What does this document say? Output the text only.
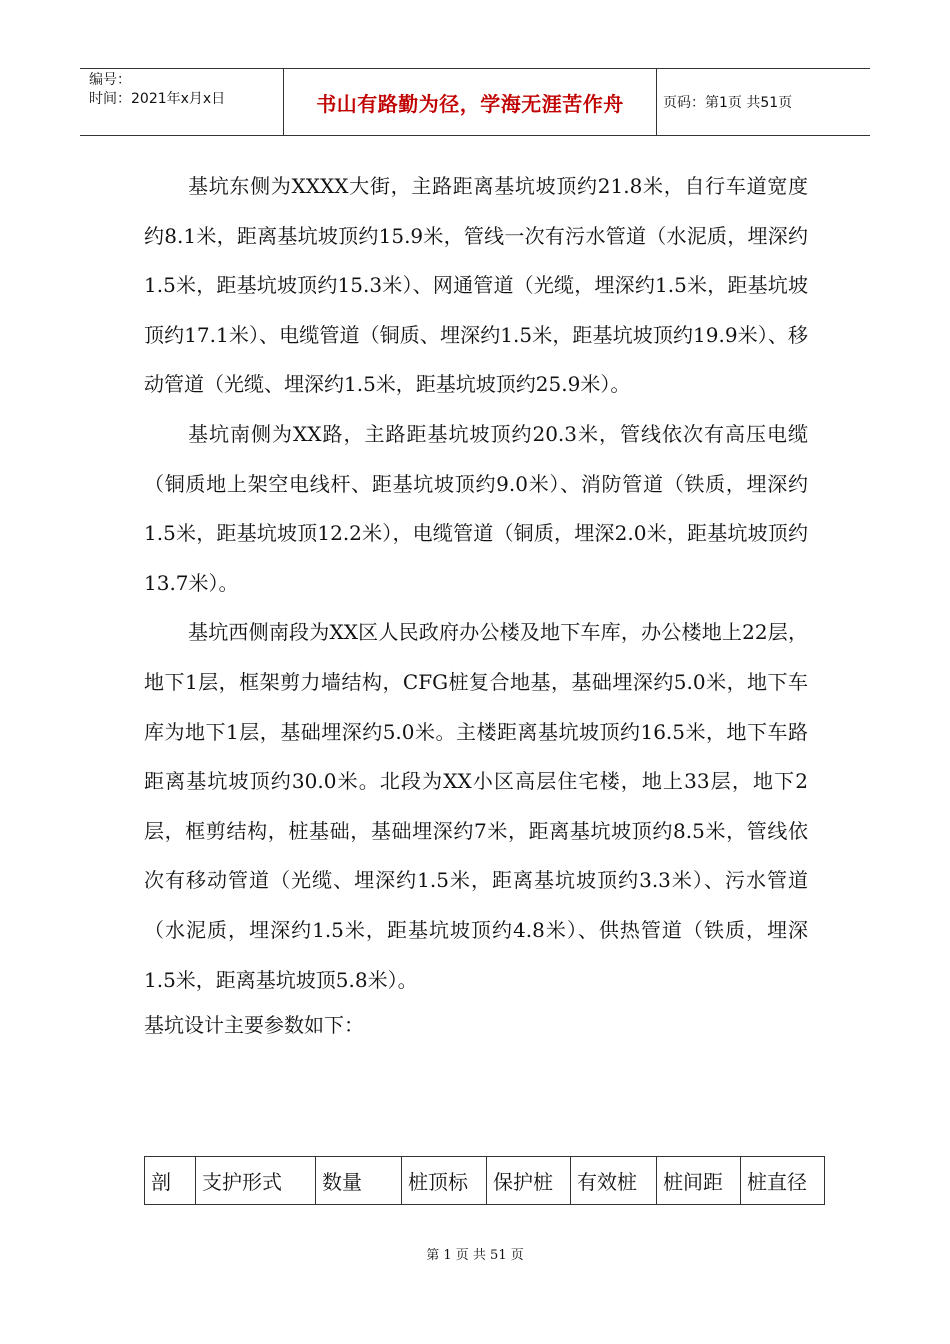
编号：
时间：2021年x月x日	书山有路勤为径，学海无涯苦作舟	页码：第1页 共51页

基坑东侧为XXXX大街，主路距离基坑坡顶约21.8米，自行车道宽度约8.1米，距离基坑坡顶约15.9米，管线一次有污水管道（水泥质，埋深约1.5米，距基坑坡顶约15.3米）、网通管道（光缆，埋深约1.5米，距基坑坡顶约17.1米）、电缆管道（铜质、埋深约1.5米，距基坑坡顶约19.9米）、移动管道（光缆、埋深约1.5米，距基坑坡顶约25.9米）。

基坑南侧为XX路，主路距基坑坡顶约20.3米，管线依次有高压电缆（铜质地上架空电线杆、距基坑坡顶约9.0米）、消防管道（铁质，埋深约1.5米，距基坑坡顶12.2米），电缆管道（铜质，埋深2.0米，距基坑坡顶约13.7米）。

基坑西侧南段为XX区人民政府办公楼及地下车库，办公楼地上22层，地下1层，框架剪力墙结构，CFG桩复合地基，基础埋深约5.0米，地下车库为地下1层，基础埋深约5.0米。主楼距离基坑坡顶约16.5米，地下车路距离基坑坡顶约30.0米。北段为XX小区高层住宅楼，地上33层，地下2层，框剪结构，桩基础，基础埋深约7米，距离基坑坡顶约8.5米，管线依次有移动管道（光缆、埋深约1.5米，距离基坑坡顶约3.3米）、污水管道（水泥质，埋深约1.5米，距基坑坡顶约4.8米）、供热管道（铁质，埋深1.5米，距离基坑坡顶5.8米）。

基坑设计主要参数如下：

剖	支护形式	数量	桩顶标	保护桩	有效桩	桩间距	桩直径
第 1 页 共 51 页
